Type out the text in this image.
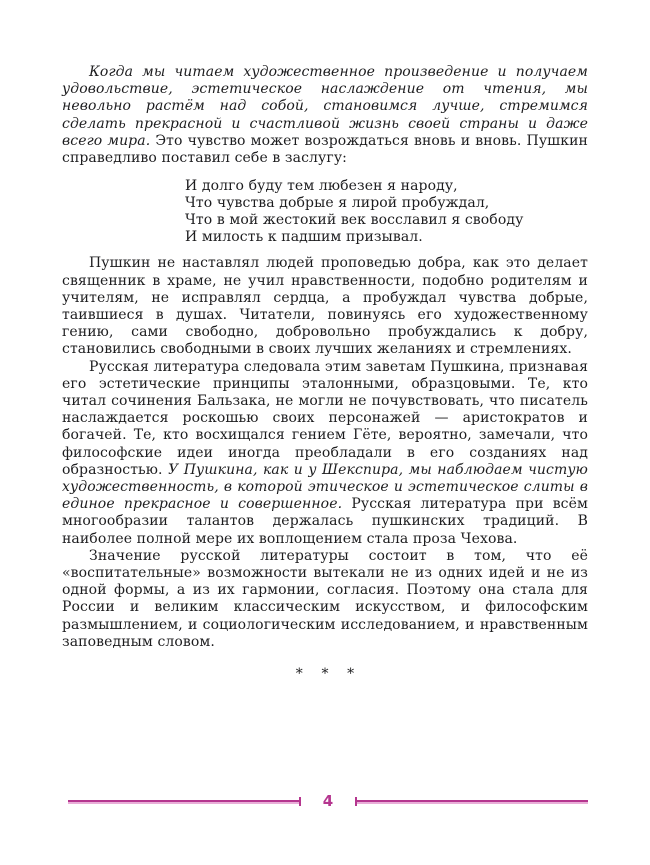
Когда мы читаем художественное произведение и получаем удовольствие, эстетическое наслаждение от чтения, мы невольно растём над собой, становимся лучше, стремимся сделать прекрасной и счастливой жизнь своей страны и даже всего мира. Это чувство может возрождаться вновь и вновь. Пушкин справедливо поставил себе в заслугу:

И долго буду тем любезен я народу,
Что чувства добрые я лирой пробуждал,
Что в мой жестокий век восславил я свободу
И милость к падшим призывал.

Пушкин не наставлял людей проповедью добра, как это делает священник в храме, не учил нравственности, подобно родителям и учителям, не исправлял сердца, а пробуждал чувства добрые, таившиеся в душах. Читатели, повинуясь его художественному гению, сами свободно, добровольно пробуждались к добру, становились свободными в своих лучших желаниях и стремлениях.

Русская литература следовала этим заветам Пушкина, признавая его эстетические принципы эталонными, образцовыми. Те, кто читал сочинения Бальзака, не могли не почувствовать, что писатель наслаждается роскошью своих персонажей — аристократов и богачей. Те, кто восхищался гением Гёте, вероятно, замечали, что философские идеи иногда преобладали в его созданиях над образностью. У Пушкина, как и у Шекспира, мы наблюдаем чистую художественность, в которой этическое и эстетическое слиты в единое прекрасное и совершенное. Русская литература при всём многообразии талантов держалась пушкинских традиций. В наиболее полной мере их воплощением стала проза Чехова.

Значение русской литературы состоит в том, что её «воспитательные» возможности вытекали не из одних идей и не из одной формы, а из их гармонии, согласия. Поэтому она стала для России и великим классическим искусством, и философским размышлением, и социологическим исследованием, и нравственным заповедным словом.

* * *
4
